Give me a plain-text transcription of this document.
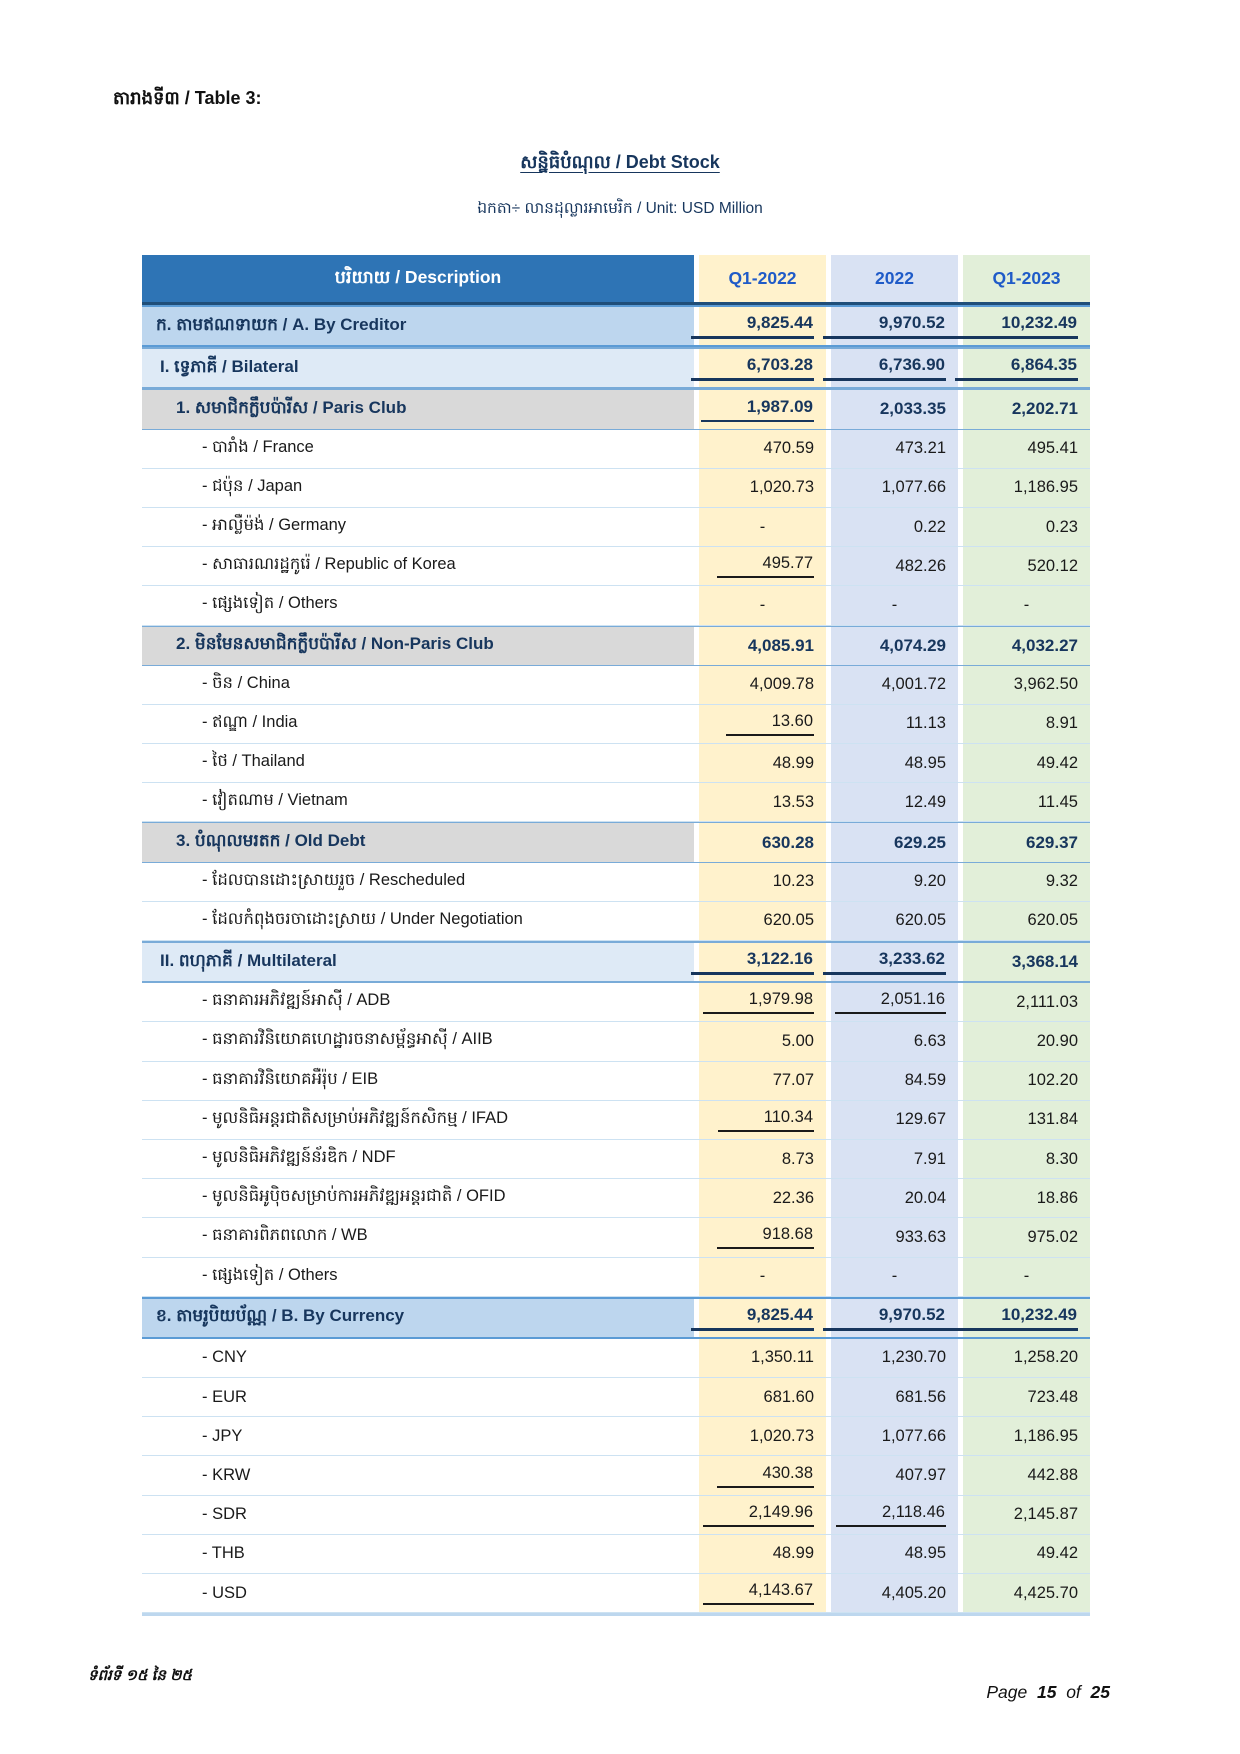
តារាងទី៣ / Table 3:
សន្និធិបំណុល / Debt Stock
ឯកតា÷ លានដុល្លារអាមេរិក / Unit: USD Million
បរិយាយ / Description	Q1-2022	2022	Q1-2023
ក. តាមឥណទាយក / A. By Creditor	9,825.44	9,970.52	10,232.49
I. ទ្វេភាគី / Bilateral	6,703.28	6,736.90	6,864.35
1. សមាជិកក្លឹបប៉ារីស / Paris Club	1,987.09	2,033.35	2,202.71
- បារាំង / France	470.59	473.21	495.41
- ជប៉ុន / Japan	1,020.73	1,077.66	1,186.95
- អាល្លឺម៉ង់ / Germany	-	0.22	0.23
- សាធារណរដ្ឋកូរ៉េ / Republic of Korea	495.77	482.26	520.12
- ផ្សេងទៀត / Others	-	-	-
2. មិនមែនសមាជិកក្លឹបប៉ារីស / Non-Paris Club	4,085.91	4,074.29	4,032.27
- ចិន / China	4,009.78	4,001.72	3,962.50
- ឥណ្ឌា / India	13.60	11.13	8.91
- ថៃ / Thailand	48.99	48.95	49.42
- វៀតណាម / Vietnam	13.53	12.49	11.45
3. បំណុលមរតក / Old Debt	630.28	629.25	629.37
- ដែលបានដោះស្រាយរួច / Rescheduled	10.23	9.20	9.32
- ដែលកំពុងចរចាដោះស្រាយ / Under Negotiation	620.05	620.05	620.05
II. ពហុភាគី / Multilateral	3,122.16	3,233.62	3,368.14
- ធនាគារអភិវឌ្ឍន៍អាស៊ី / ADB	1,979.98	2,051.16	2,111.03
- ធនាគារវិនិយោគហេដ្ឋារចនាសម្ព័ន្ធអាស៊ី / AIIB	5.00	6.63	20.90
- ធនាគារវិនិយោគអឺរ៉ុប / EIB	77.07	84.59	102.20
- មូលនិធិអន្តរជាតិសម្រាប់អភិវឌ្ឍន៍កសិកម្ម / IFAD	110.34	129.67	131.84
- មូលនិធិអភិវឌ្ឍន៍ន័រឌិក / NDF	8.73	7.91	8.30
- មូលនិធិអូប៉ិចសម្រាប់ការអភិវឌ្ឍអន្តរជាតិ / OFID	22.36	20.04	18.86
- ធនាគារពិភពលោក / WB	918.68	933.63	975.02
- ផ្សេងទៀត / Others	-	-	-
ខ. តាមរូបិយប័ណ្ណ / B. By Currency	9,825.44	9,970.52	10,232.49
- CNY	1,350.11	1,230.70	1,258.20
- EUR	681.60	681.56	723.48
- JPY	1,020.73	1,077.66	1,186.95
- KRW	430.38	407.97	442.88
- SDR	2,149.96	2,118.46	2,145.87
- THB	48.99	48.95	49.42
- USD	4,143.67	4,405.20	4,425.70
ទំព័រទី ១៥ នៃ ២៥
Page 15 of 25
